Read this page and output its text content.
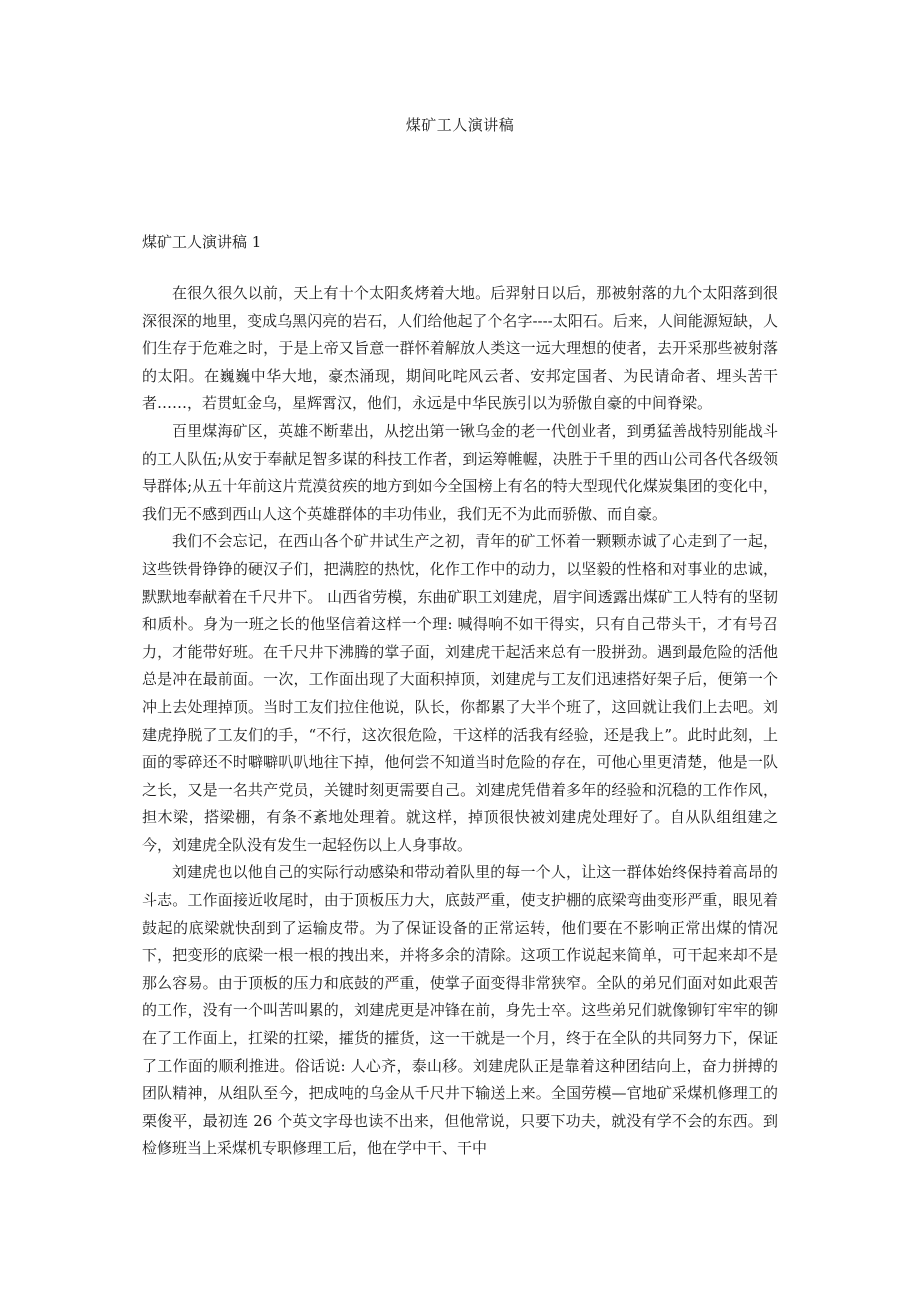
煤矿工人演讲稿
煤矿工人演讲稿 1

在很久很久以前，天上有十个太阳炙烤着大地。后羿射日以后，那被射落的九个太阳落到很深很深的地里，变成乌黑闪亮的岩石，人们给他起了个名字----太阳石。后来，人间能源短缺，人们生存于危难之时，于是上帝又旨意一群怀着解放人类这一远大理想的使者，去开采那些被射落的太阳。在巍巍中华大地，豪杰涌现，期间叱咤风云者、安邦定国者、为民请命者、埋头苦干者……，若贯虹金乌，星辉霄汉，他们，永远是中华民族引以为骄傲自豪的中间脊梁。

百里煤海矿区，英雄不断辈出，从挖出第一锹乌金的老一代创业者，到勇猛善战特别能战斗的工人队伍;从安于奉献足智多谋的科技工作者，到运筹帷幄，决胜于千里的西山公司各代各级领导群体;从五十年前这片荒漠贫疾的地方到如今全国榜上有名的特大型现代化煤炭集团的变化中，我们无不感到西山人这个英雄群体的丰功伟业，我们无不为此而骄傲、而自豪。

我们不会忘记，在西山各个矿井试生产之初，青年的矿工怀着一颗颗赤诚了心走到了一起，这些铁骨铮铮的硬汉子们，把满腔的热忱，化作工作中的动力，以坚毅的性格和对事业的忠诚，默默地奉献着在千尺井下。 山西省劳模，东曲矿职工刘建虎，眉宇间透露出煤矿工人特有的坚韧和质朴。身为一班之长的他坚信着这样一个理: 喊得响不如干得实，只有自己带头干，才有号召力，才能带好班。在千尺井下沸腾的掌子面，刘建虎干起活来总有一股拼劲。遇到最危险的活他总是冲在最前面。一次，工作面出现了大面积掉顶，刘建虎与工友们迅速搭好架子后，便第一个冲上去处理掉顶。当时工友们拉住他说，队长，你都累了大半个班了，这回就让我们上去吧。刘建虎挣脱了工友们的手，“不行，这次很危险，干这样的活我有经验，还是我上”。此时此刻，上面的零碎还不时噼噼叭叭地往下掉，他何尝不知道当时危险的存在，可他心里更清楚，他是一队之长，又是一名共产党员，关键时刻更需要自己。刘建虎凭借着多年的经验和沉稳的工作作风，担木梁，搭梁棚，有条不紊地处理着。就这样，掉顶很快被刘建虎处理好了。自从队组组建之今，刘建虎全队没有发生一起轻伤以上人身事故。

刘建虎也以他自己的实际行动感染和带动着队里的每一个人，让这一群体始终保持着高昂的斗志。工作面接近收尾时，由于顶板压力大，底鼓严重，使支护棚的底梁弯曲变形严重，眼见着鼓起的底梁就快刮到了运输皮带。为了保证设备的正常运转，他们要在不影响正常出煤的情况下，把变形的底梁一根一根的拽出来，并将多余的清除。这项工作说起来简单，可干起来却不是那么容易。由于顶板的压力和底鼓的严重，使掌子面变得非常狭窄。全队的弟兄们面对如此艰苦的工作，没有一个叫苦叫累的，刘建虎更是冲锋在前，身先士卒。这些弟兄们就像铆钉牢牢的铆在了工作面上，扛梁的扛梁，攉货的攉货，这一干就是一个月，终于在全队的共同努力下，保证了工作面的顺利推进。俗话说: 人心齐，泰山移。刘建虎队正是靠着这种团结向上，奋力拼搏的团队精神，从组队至今，把成吨的乌金从千尺井下输送上来。全国劳模—官地矿采煤机修理工的栗俊平，最初连 26 个英文字母也读不出来，但他常说，只要下功夫，就没有学不会的东西。到检修班当上采煤机专职修理工后，他在学中干、干中
